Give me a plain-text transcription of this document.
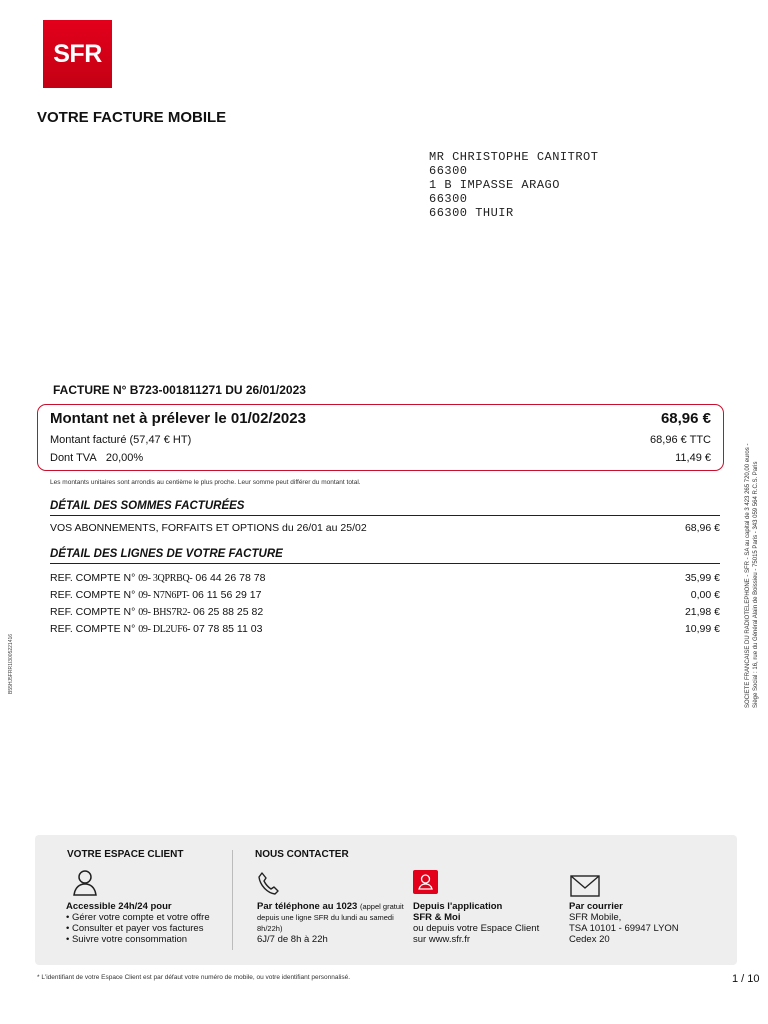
SFR
VOTRE FACTURE MOBILE
MR CHRISTOPHE CANITROT
66300
1 B IMPASSE ARAGO
66300
66300 THUIR
FACTURE N° B723-001811271 DU 26/01/2023
Montant net à prélever le 01/02/2023	68,96 €
Montant facturé (57,47 € HT)	68,96 € TTC
Dont TVA 20,00%	11,49 €
Les montants unitaires sont arrondis au centième le plus proche. Leur somme peut différer du montant total.
DÉTAIL DES SOMMES FACTURÉES
VOS ABONNEMENTS, FORFAITS ET OPTIONS du 26/01 au 25/02	68,96 €
DÉTAIL DES LIGNES DE VOTRE FACTURE
REF. COMPTE N° 09- 3QPRBQ- 06 44 26 78 78	35,99 €
REF. COMPTE N° 09- N7N6PT- 06 11 56 29 17	0,00 €
REF. COMPTE N° 09- BHS7R2- 06 25 88 25 82	21,98 €
REF. COMPTE N° 09- DL2UF6- 07 78 85 11 03	10,99 €	SOCIETE FRANCAISE DU RADIOTELEPHONE - SFR - SA au capital de 3 423 265 720,00 euros - Siège Social : 16, rue du Général Alain de Boissieu - 75015 Paris - 343 059 564 R.C.S. Paris
B55HJ5FRR1I3005221416
VOTRE ESPACE CLIENT	NOUS CONTACTER
Accessible 24h/24 pour
• Gérer votre compte et votre offre
• Consulter et payer vos factures
• Suivre votre consommation
Par téléphone au 1023 (appel gratuit depuis une ligne SFR du lundi au samedi 8h/22h)
6J/7 de 8h à 22h
Depuis l'application
SFR & Moi
ou depuis votre Espace Client
sur www.sfr.fr
Par courrier
SFR Mobile,
TSA 10101 - 69947 LYON
Cedex 20
* L'identifiant de votre Espace Client est par défaut votre numéro de mobile, ou votre identifiant personnalisé.	1 / 10
